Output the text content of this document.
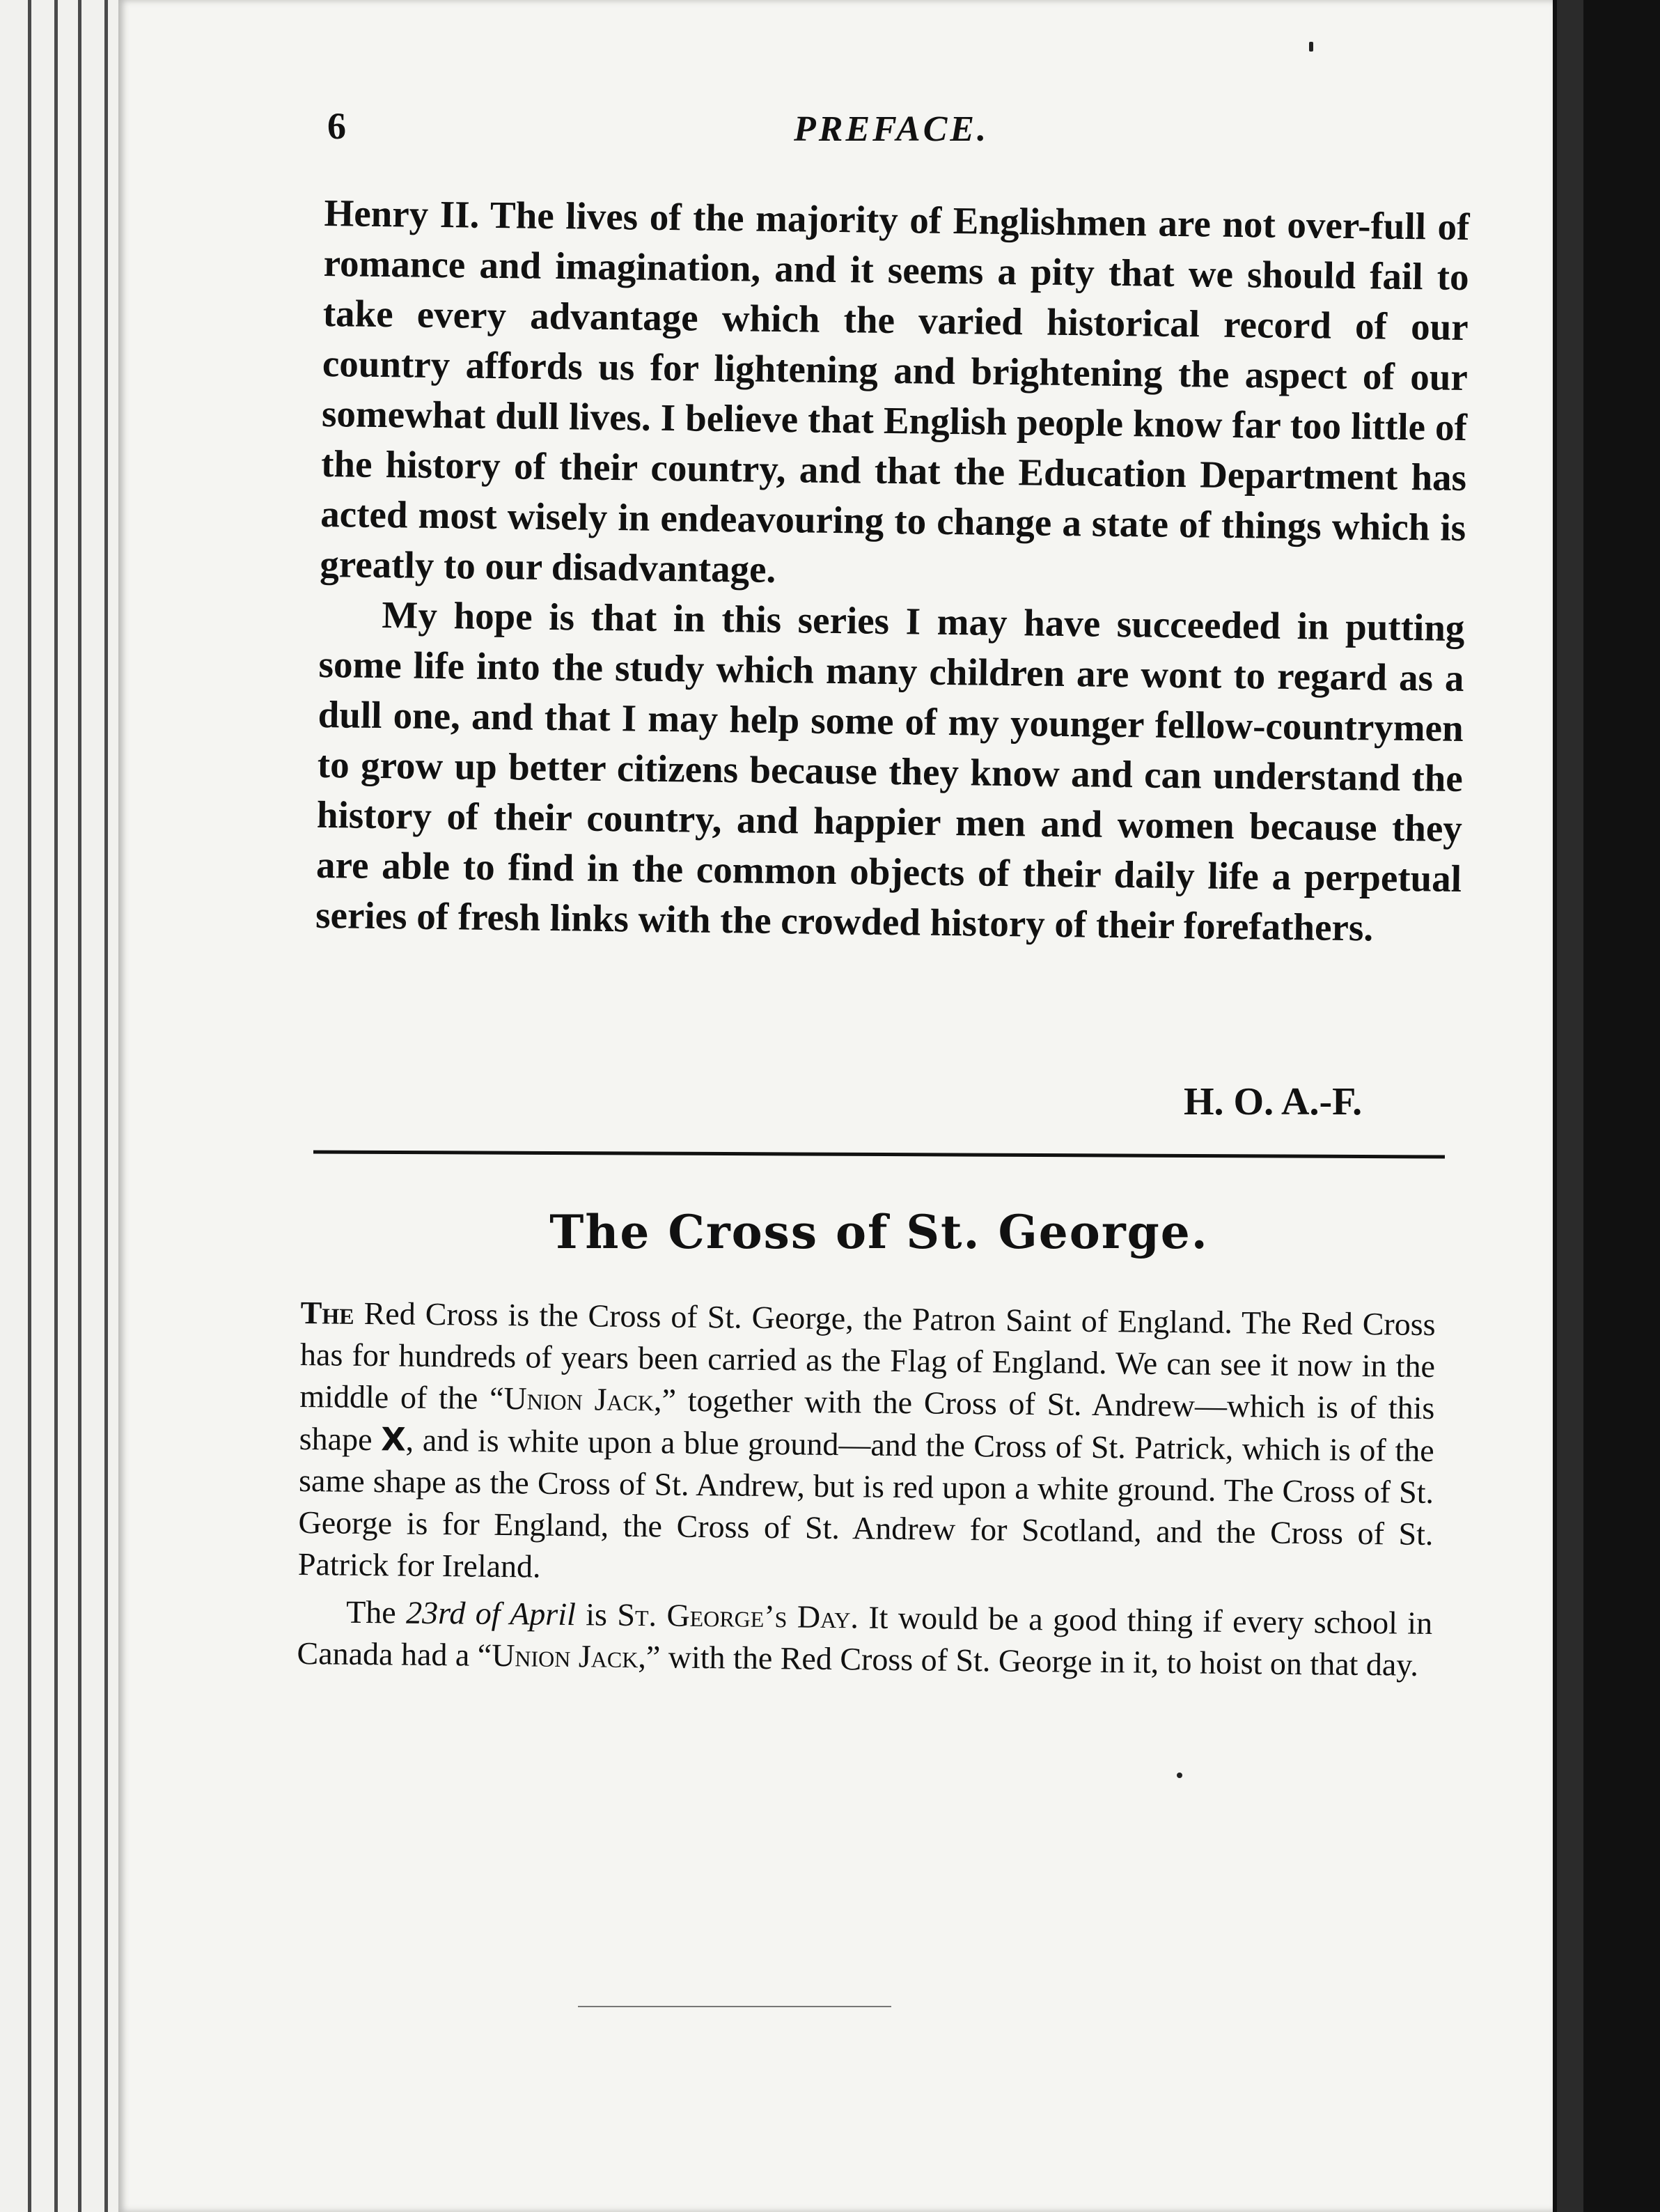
6	PREFACE.

Henry II. The lives of the majority of Englishmen are not over-full of romance and imagination, and it seems a pity that we should fail to take every advantage which the varied historical record of our country affords us for lightening and brightening the aspect of our somewhat dull lives. I believe that English people know far too little of the history of their country, and that the Education Department has acted most wisely in endeavouring to change a state of things which is greatly to our disadvantage.

My hope is that in this series I may have succeeded in putting some life into the study which many children are wont to regard as a dull one, and that I may help some of my younger fellow-countrymen to grow up better citizens because they know and can understand the history of their country, and happier men and women because they are able to find in the common objects of their daily life a perpetual series of fresh links with the crowded history of their forefathers.

H. O. A.-F.
The Cross of St. George.

The Red Cross is the Cross of St. George, the Patron Saint of England. The Red Cross has for hundreds of years been carried as the Flag of England. We can see it now in the middle of the “Union Jack,” together with the Cross of St. Andrew—which is of this shape X, and is white upon a blue ground—and the Cross of St. Patrick, which is of the same shape as the Cross of St. Andrew, but is red upon a white ground. The Cross of St. George is for England, the Cross of St. Andrew for Scotland, and the Cross of St. Patrick for Ireland.

The 23rd of April is St. George’s Day. It would be a good thing if every school in Canada had a “Union Jack,” with the Red Cross of St. George in it, to hoist on that day.
